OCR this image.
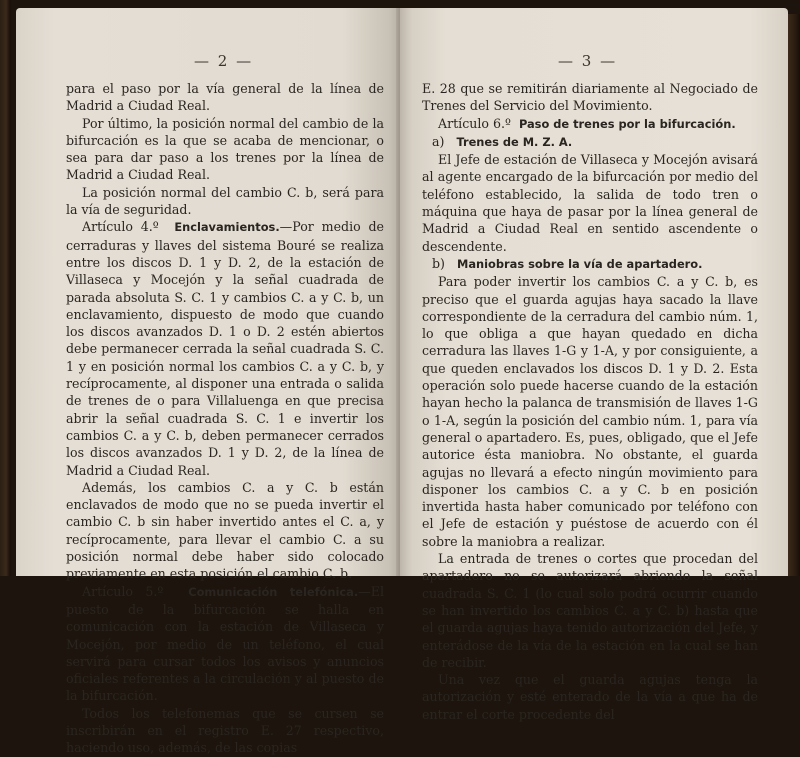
— 2 —

para el paso por la vía general de la línea de Madrid a Ciudad Real.

Por último, la posición normal del cambio de la bifurcación es la que se acaba de mencionar, o sea para dar paso a los trenes por la línea de Madrid a Ciudad Real.

La posición normal del cambio C. b, será para la vía de seguridad.

Artículo 4.º Enclavamientos.—Por medio de cerraduras y llaves del sistema Bouré se realiza entre los discos D. 1 y D. 2, de la estación de Villaseca y Mocejón y la señal cuadrada de parada absoluta S. C. 1 y cambios C. a y C. b, un enclavamiento, dispuesto de modo que cuando los discos avanzados D. 1 o D. 2 estén abiertos debe permanecer cerrada la señal cuadrada S. C. 1 y en posición normal los cambios C. a y C. b, y recíprocamente, al disponer una entrada o salida de trenes de o para Villaluenga en que precisa abrir la señal cuadrada S. C. 1 e invertir los cambios C. a y C. b, deben permanecer cerrados los discos avanzados D. 1 y D. 2, de la línea de Madrid a Ciudad Real.

Además, los cambios C. a y C. b están enclavados de modo que no se pueda invertir el cambio C. b sin haber invertido antes el C. a, y recíprocamente, para llevar el cambio C. a su posición normal debe haber sido colocado previamente en esta posición el cambio C. b.

Artículo 5.º Comunicación telefónica.—El puesto de la bifurcación se halla en comunicación con la estación de Villaseca y Mocejón, por medio de un teléfono, el cual servirá para cursar todos los avisos y anuncios oficiales referentes a la circulación y al puesto de la bifurcación.

Todos los telefonemas que se cursen se inscribirán en el registro E. 27 respectivo, haciendo uso, además, de las copias

— 3 —

E. 28 que se remitirán diariamente al Negociado de Trenes del Servicio del Movimiento.

Artículo 6.º Paso de trenes por la bifurcación.

a) Trenes de M. Z. A.

El Jefe de estación de Villaseca y Mocejón avisará al agente encargado de la bifurcación por medio del teléfono establecido, la salida de todo tren o máquina que haya de pasar por la línea general de Madrid a Ciudad Real en sentido ascendente o descendente.

b) Maniobras sobre la vía de apartadero.

Para poder invertir los cambios C. a y C. b, es preciso que el guarda agujas haya sacado la llave correspondiente de la cerradura del cambio núm. 1, lo que obliga a que hayan quedado en dicha cerradura las llaves 1-G y 1-A, y por consiguiente, a que queden enclavados los discos D. 1 y D. 2. Esta operación solo puede hacerse cuando de la estación hayan hecho la palanca de transmisión de llaves 1-G o 1-A, según la posición del cambio núm. 1, para vía general o apartadero. Es, pues, obligado, que el Jefe autorice ésta maniobra. No obstante, el guarda agujas no llevará a efecto ningún movimiento para disponer los cambios C. a y C. b en posición invertida hasta haber comunicado por teléfono con el Jefe de estación y puéstose de acuerdo con él sobre la maniobra a realizar.

La entrada de trenes o cortes que procedan del apartadero no se autorizará abriendo la señal cuadrada S. C. 1 (lo cual solo podrá ocurrir cuando se han invertido los cambios C. a y C. b) hasta que el guarda agujas haya tenido autorización del Jefe, y enterádose de la vía de la estación en la cual se han de recibir.

Una vez que el guarda agujas tenga la autorización y esté enterado de la vía a que ha de entrar el corte procedente del
